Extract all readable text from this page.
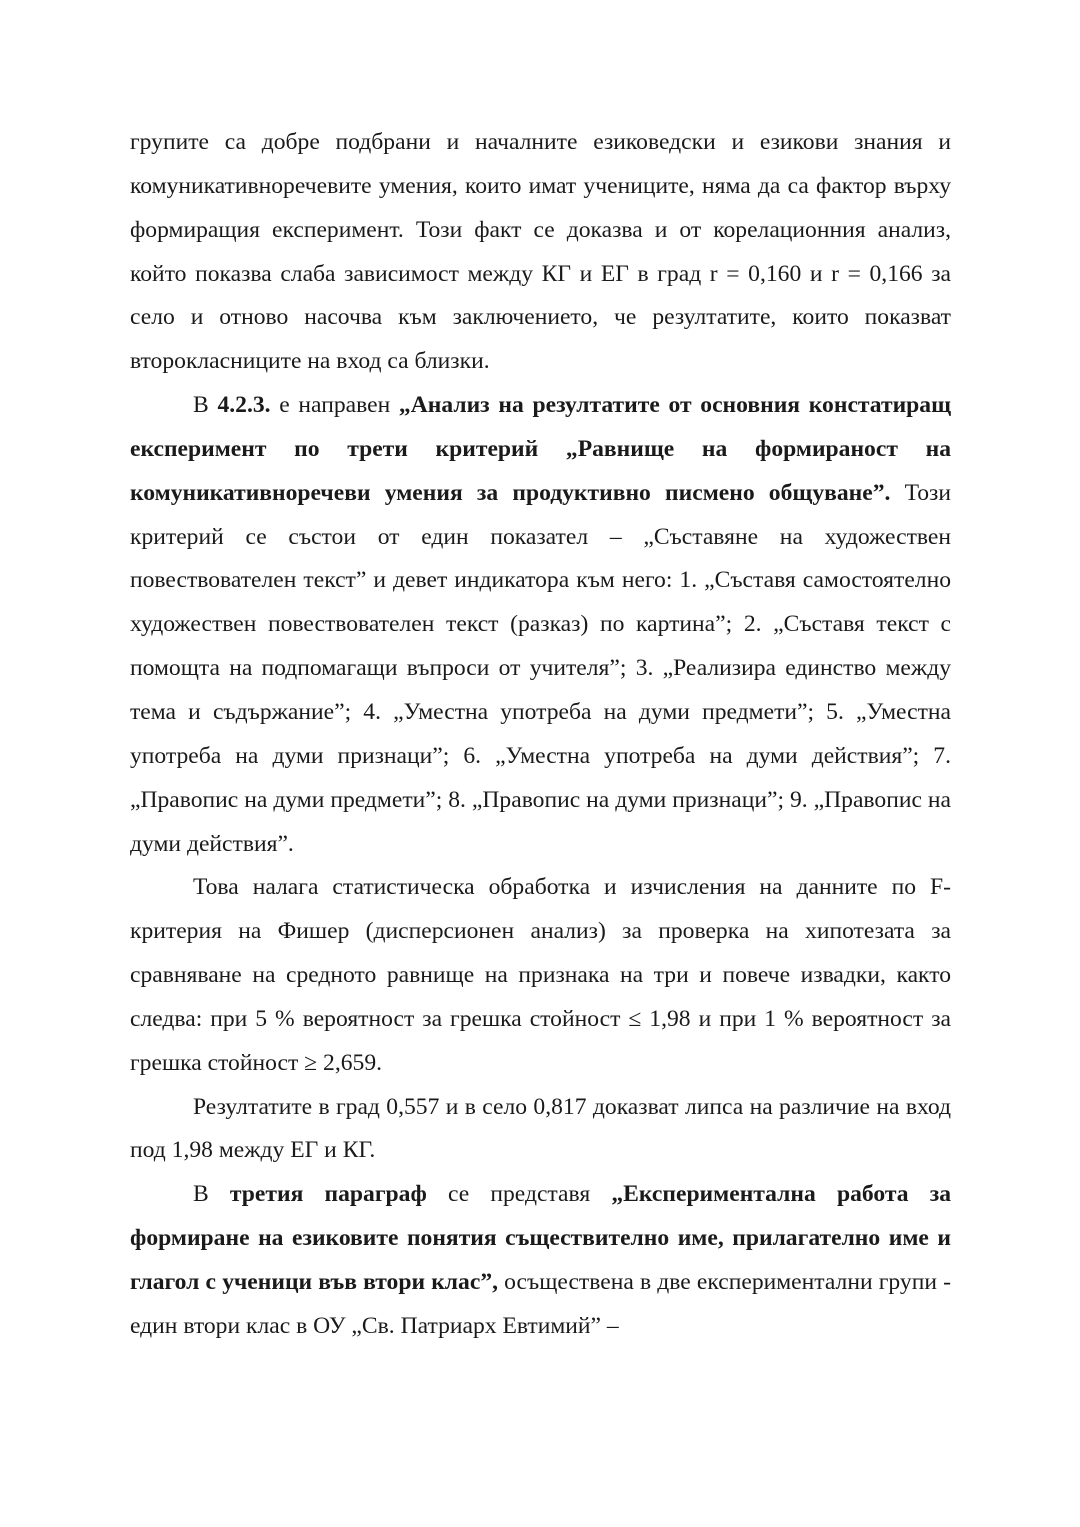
групите са добре подбрани и началните езиковедски и езикови знания и комуникативноречевите умения, които имат учениците, няма да са фактор върху формиращия експеримент. Този факт се доказва и от корелационния анализ, който показва слаба зависимост между КГ и ЕГ в град r = 0,160 и r = 0,166 за село и отново насочва към заключението, че резултатите, които показват второкласниците на вход са близки.

В 4.2.3. е направен „Анализ на резултатите от основния констатиращ експеримент по трети критерий „Равнище на формираност на комуникативноречеви умения за продуктивно писмено общуване”. Този критерий се състои от един показател – „Съставяне на художествен повествователен текст” и девет индикатора към него: 1. „Съставя самостоятелно художествен повествователен текст (разказ) по картина”; 2. „Съставя текст с помощта на подпомагащи въпроси от учителя”; 3. „Реализира единство между тема и съдържание”; 4. „Уместна употреба на думи предмети”; 5. „Уместна употреба на думи признаци”; 6. „Уместна употреба на думи действия”; 7. „Правопис на думи предмети”; 8. „Правопис на думи признаци”; 9. „Правопис на думи действия”.

Това налага статистическа обработка и изчисления на данните по F-критерия на Фишер (дисперсионен анализ) за проверка на хипотезата за сравняване на средното равнище на признака на три и повече извадки, както следва: при 5 % вероятност за грешка стойност ≤ 1,98 и при 1 % вероятност за грешка стойност ≥ 2,659.

Резултатите в град 0,557 и в село 0,817 доказват липса на различие на вход под 1,98 между ЕГ и КГ.

В третия параграф се представя „Експериментална работа за формиране на езиковите понятия съществително име, прилагателно име и глагол с ученици във втори клас”, осъществена в две експериментални групи - един втори клас в ОУ „Св. Патриарх Евтимий” –
